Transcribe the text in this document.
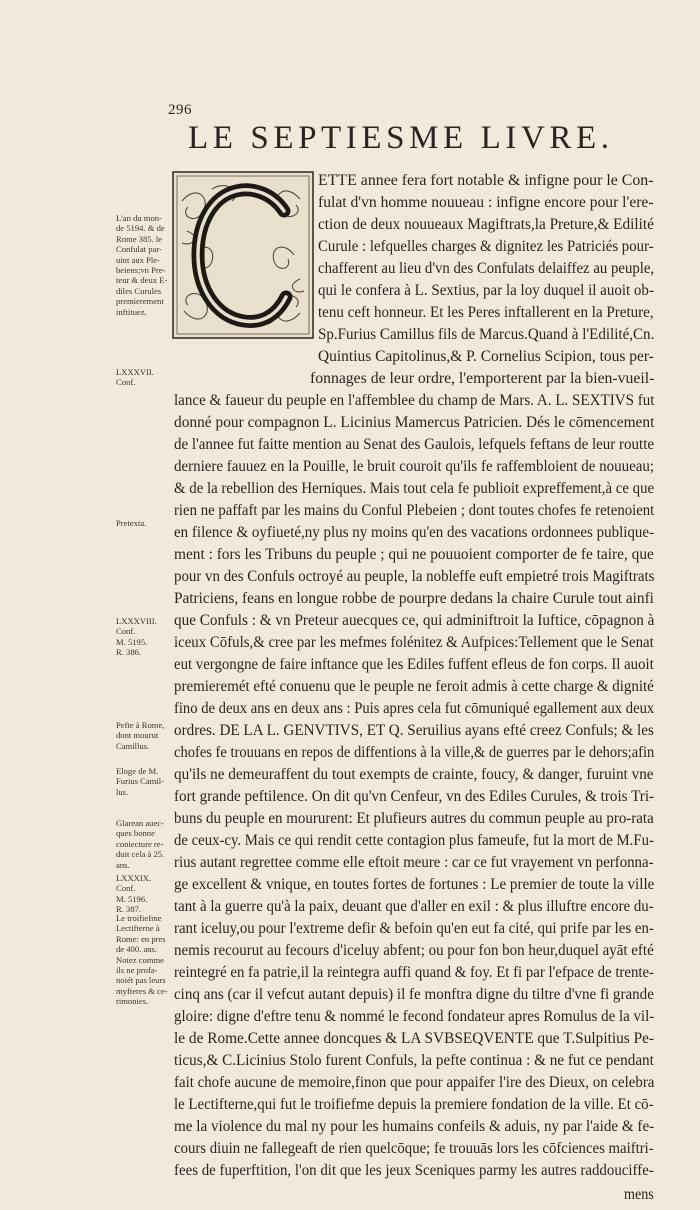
296
LE SEPTIESME LIVRE.
ETTE annee fera fort notable & infigne pour le Con-
fulat d'vn homme nouueau : infigne encore pour l'ere-
ction de deux nouueaux Magiftrats,la Preture,& Edilité
Curule : lefquelles charges & dignitez les Patriciés pour-
chafferent au lieu d'vn des Confulats delaiffez au peuple,
qui le confera à L. Sextius, par la loy duquel il auoit ob-
tenu ceft honneur. Et les Peres inftallerent en la Preture,
Sp.Furius Camillus fils de Marcus.Quand à l'Edilité,Cn.
Quintius Capitolinus,& P. Cornelius Scipion, tous per-
fonnages de leur ordre, l'emporterent par la bien-vueil-
lance & faueur du peuple en l'affemblee du champ de Mars. A. L. SEXTIVS fut
donné pour compagnon L. Licinius Mamercus Patricien. Dés le cōmencement
de l'annee fut faitte mention au Senat des Gaulois, lefquels feftans de leur routte
derniere fauuez en la Pouille, le bruit couroit qu'ils fe raffembloient de nouueau;
& de la rebellion des Herniques. Mais tout cela fe publioit expreffement,à ce que
rien ne paffaft par les mains du Conful Plebeien ; dont toutes chofes fe retenoient
en filence & oyfiueté,ny plus ny moins qu'en des vacations ordonnees publique-
ment : fors les Tribuns du peuple ; qui ne pouuoient comporter de fe taire, que
pour vn des Confuls octroyé au peuple, la nobleffe euft empietré trois Magiftrats
Patriciens, feans en longue robbe de pourpre dedans la chaire Curule tout ainfi
que Confuls : & vn Preteur auecques ce, qui adminiftroit la Iuftice, cōpagnon à
iceux Cōfuls,& cree par les mefmes folénitez & Aufpices:Tellement que le Senat
eut vergongne de faire inftance que les Ediles fuffent efleus de fon corps. Il auoit
premieremét efté conuenu que le peuple ne feroit admis à cette charge & dignité
fino de deux ans en deux ans : Puis apres cela fut cōmuniqué egallement aux deux
ordres. DE LA L. GENVTIVS, ET Q. Seruilius ayans efté creez Confuls; & les
chofes fe trouuans en repos de diffentions à la ville,& de guerres par le dehors;afin
qu'ils ne demeuraffent du tout exempts de crainte, foucy, & danger, furuint vne
fort grande peftilence. On dit qu'vn Cenfeur, vn des Ediles Curules, & trois Tri-
buns du peuple en moururent: Et plufieurs autres du commun peuple au pro-rata
de ceux-cy. Mais ce qui rendit cette contagion plus fameufe, fut la mort de M.Fu-
rius autant regrettee comme elle eftoit meure : car ce fut vrayement vn perfonna-
ge excellent & vnique, en toutes fortes de fortunes : Le premier de toute la ville
tant à la guerre qu'à la paix, deuant que d'aller en exil : & plus illuftre encore du-
rant iceluy,ou pour l'extreme defir & befoin qu'en eut fa cité, qui prife par les en-
nemis recourut au fecours d'iceluy abfent; ou pour fon bon heur,duquel ayāt efté
reintegré en fa patrie,il la reintegra auffi quand & foy. Et fi par l'efpace de trente-
cinq ans (car il vefcut autant depuis) il fe monftra digne du tiltre d'vne fi grande
gloire: digne d'eftre tenu & nommé le fecond fondateur apres Romulus de la vil-
le de Rome.Cette annee doncques & LA SVBSEQVENTE que T.Sulpitius Pe-
ticus,& C.Licinius Stolo furent Confuls, la pefte continua : & ne fut ce pendant
fait chofe aucune de memoire,finon que pour appaifer l'ire des Dieux, on celebra
le Lectifterne,qui fut le troifiefme depuis la premiere fondation de la ville. Et cō-
me la violence du mal ny pour les humains confeils & aduis, ny par l'aide & fe-
cours diuin ne fallegeaft de rien quelcōque; fe trouuās lors les cōfciences maiftri-
fees de fuperftition, l'on dit que les jeux Sceniques parmy les autres raddouciffe-
mens
L'an du mon-
de 5194. & de
Rome 385. le
Confulat par-
uint aux Ple-
beiens;vn Pre-
teur & deux E-
diles Curules
premierement
inftituez.
LXXXVII.
Conf.
Pretexta.
LXXXVIII.
Conf.
M. 5195.
R. 386.
Pefte à Rome,
dont mourut
Camillus.
Eloge de M.
Furius Camil-
lus.
Glarean auec-
ques bonne
coniecture re-
duit cela à 25.
ans.
LXXXIX.
Conf.
M. 5196.
R. 387.
Le troifiefme
Lectifterne à
Rome: en pres
de 400. ans.
Notez comme
ils ne profa-
noiét pas leurs
myfteres & ce-
rimonies.
